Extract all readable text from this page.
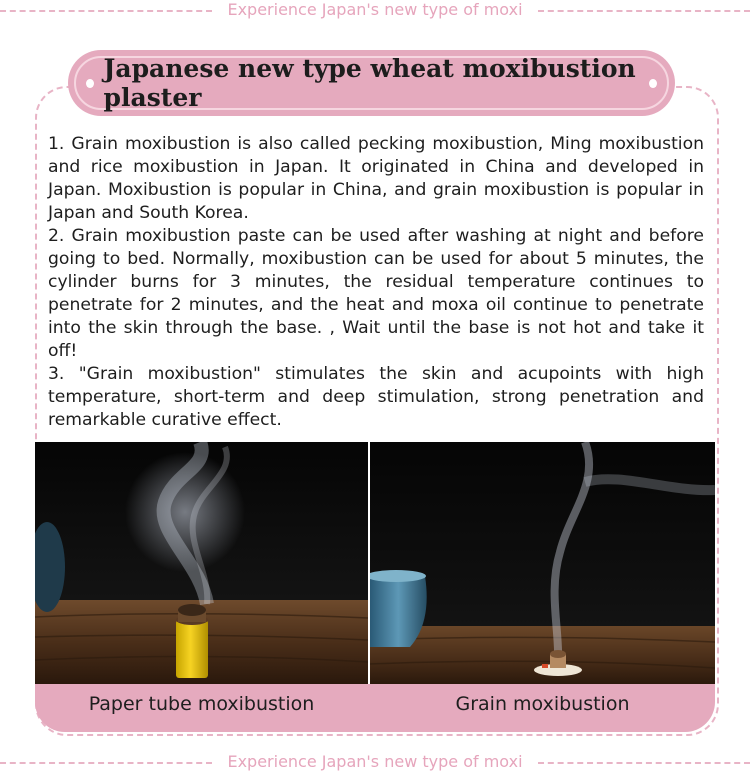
Experience Japan's new type of moxi
Japanese new type wheat moxibustion plaster

1. Grain moxibustion is also called pecking moxibustion, Ming moxibustion and rice moxibustion in Japan. It originated in China and developed in Japan. Moxibustion is popular in China, and grain moxibustion is popular in Japan and South Korea.

2. Grain moxibustion paste can be used after washing at night and before going to bed. Normally, moxibustion can be used for about 5 minutes, the cylinder burns for 3 minutes, the residual temperature continues to penetrate for 2 minutes, and the heat and moxa oil continue to penetrate into the skin through the base. , Wait until the base is not hot and take it off!

3. "Grain moxibustion" stimulates the skin and acupoints with high temperature, short-term and deep stimulation, strong penetration and remarkable curative effect.

Paper tube moxibustion	Grain moxibustion
Experience Japan's new type of moxi
